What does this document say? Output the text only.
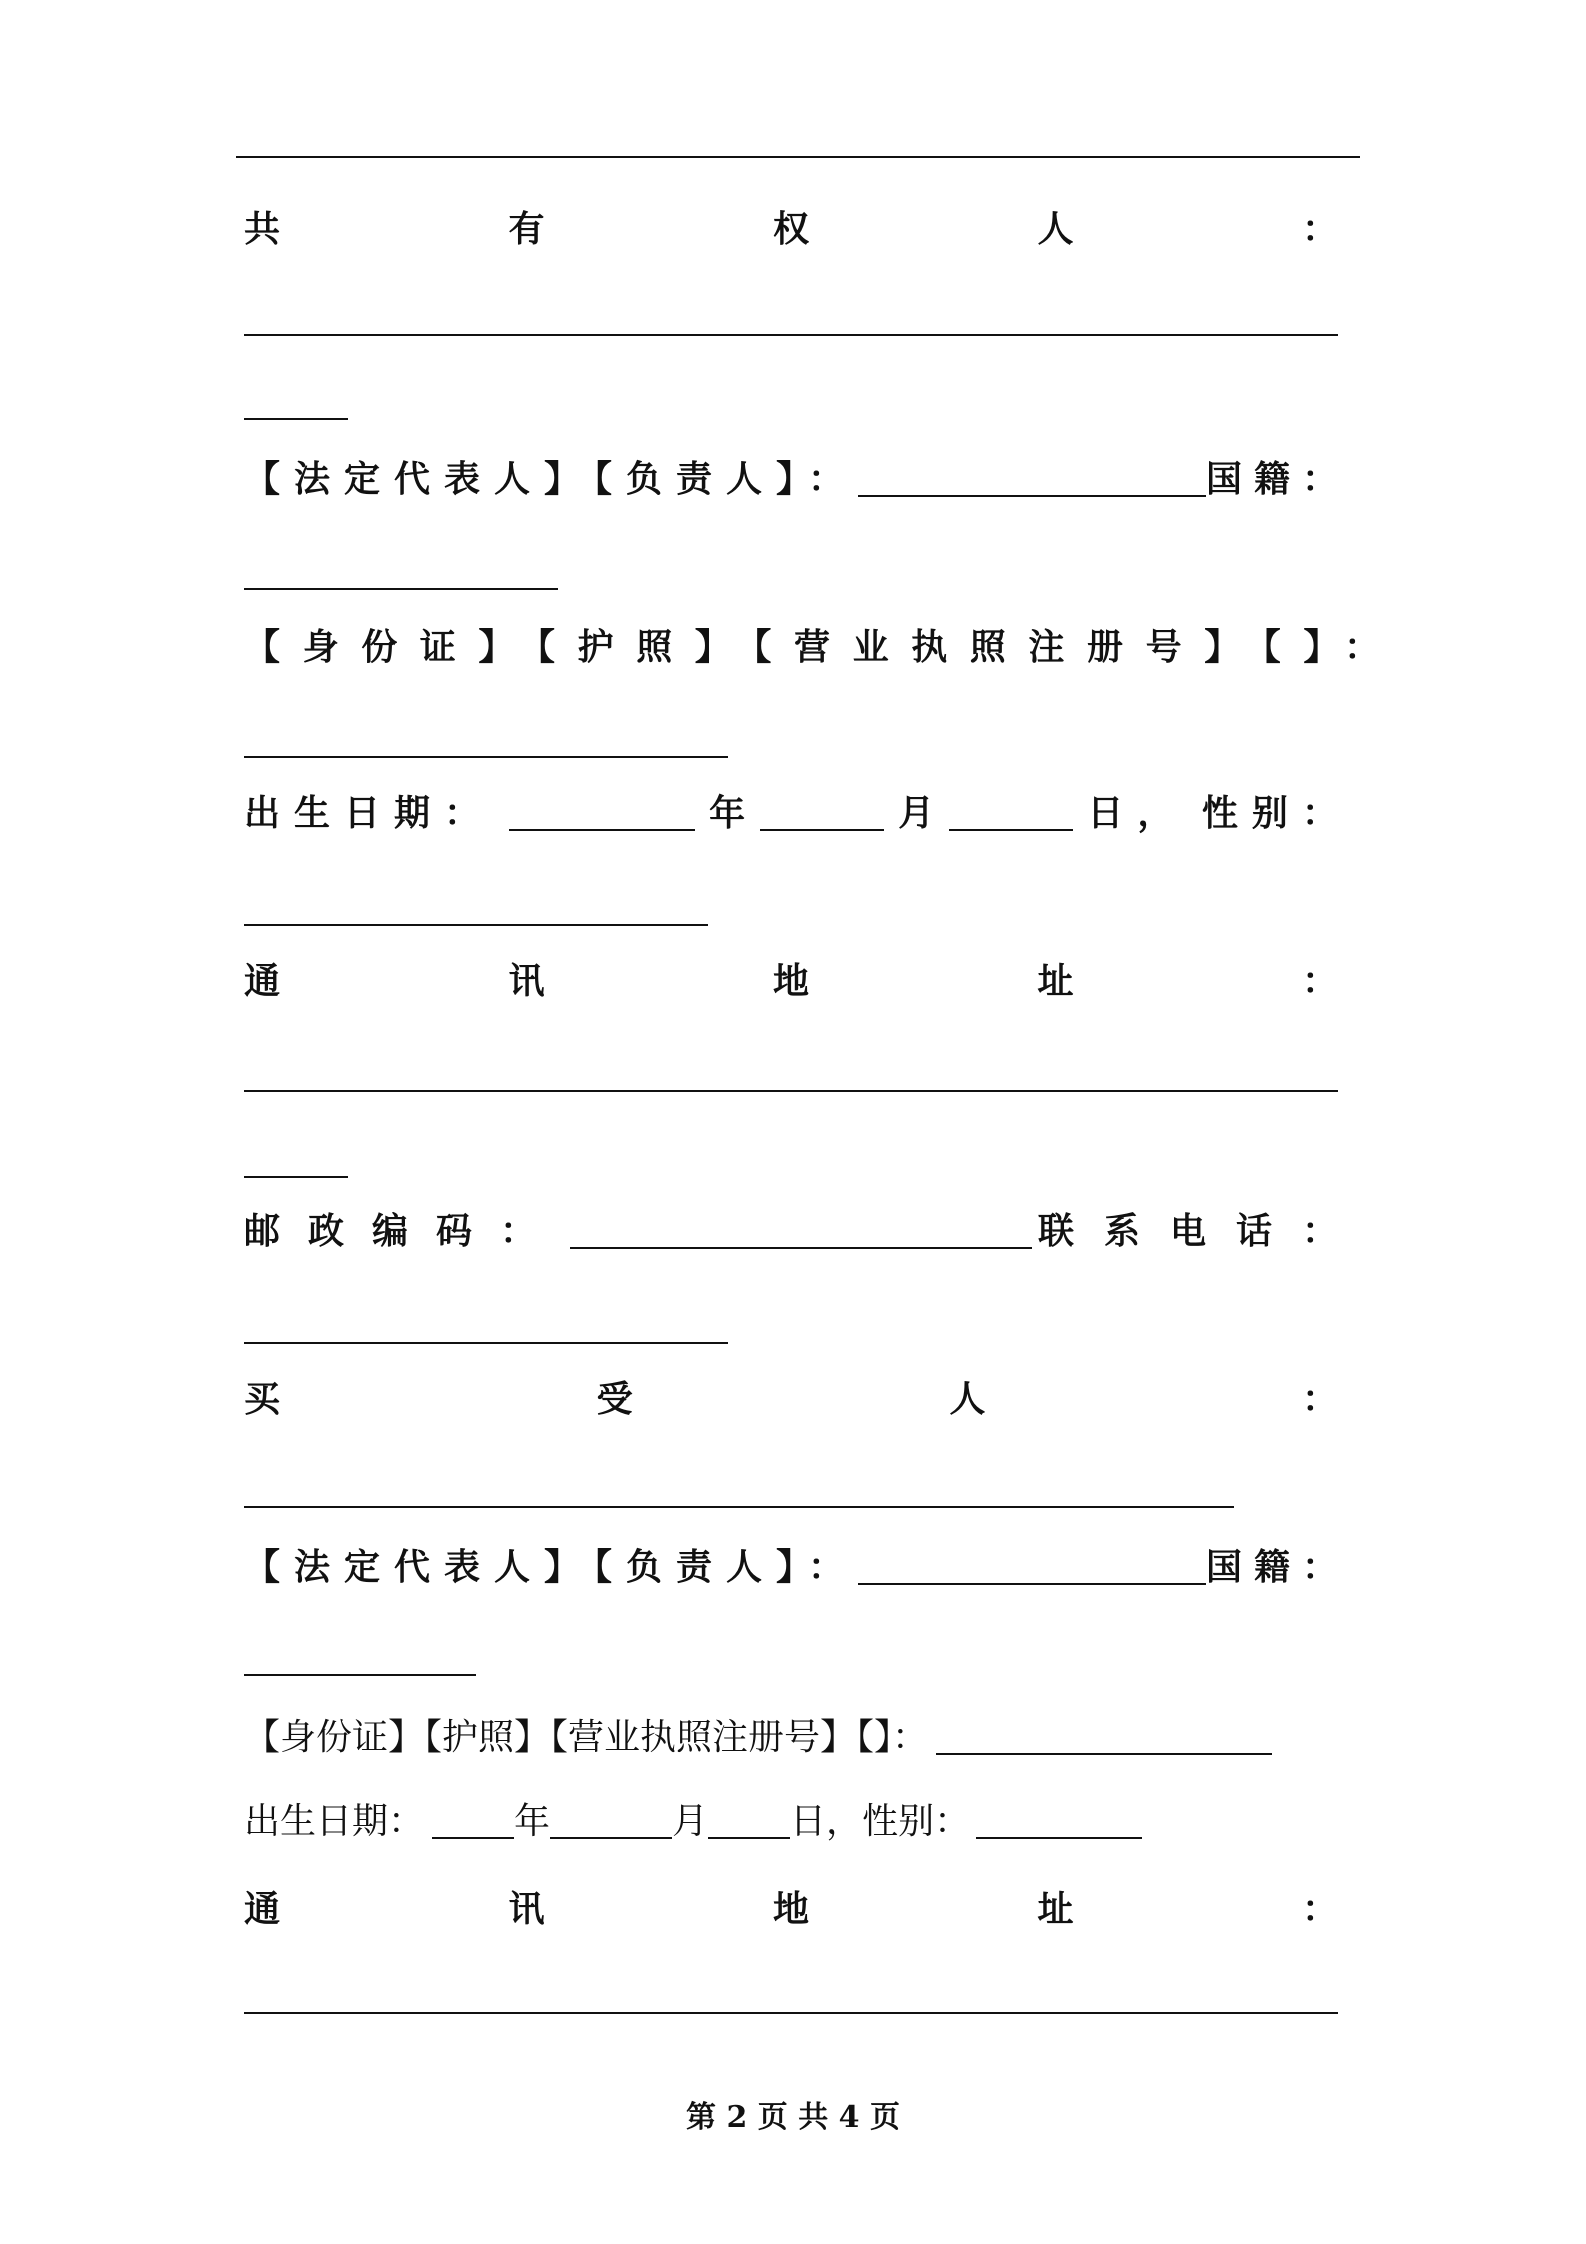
共	有	权	人	：
【法定代表人】【负责人】：	国籍：
【身份证】【护照】【营业执照注册号】【】：
出生日期：	年	月	日， 性别：
通	讯	地	址	：
邮政编码：	联系电话：
买	受	人	：
【法定代表人】【负责人】：	国籍：
【身份证】【护照】【营业执照注册号】【】：
出生日期：	年	月 日， 性别：
通	讯	地	址	：
第 2 页 共 4 页
